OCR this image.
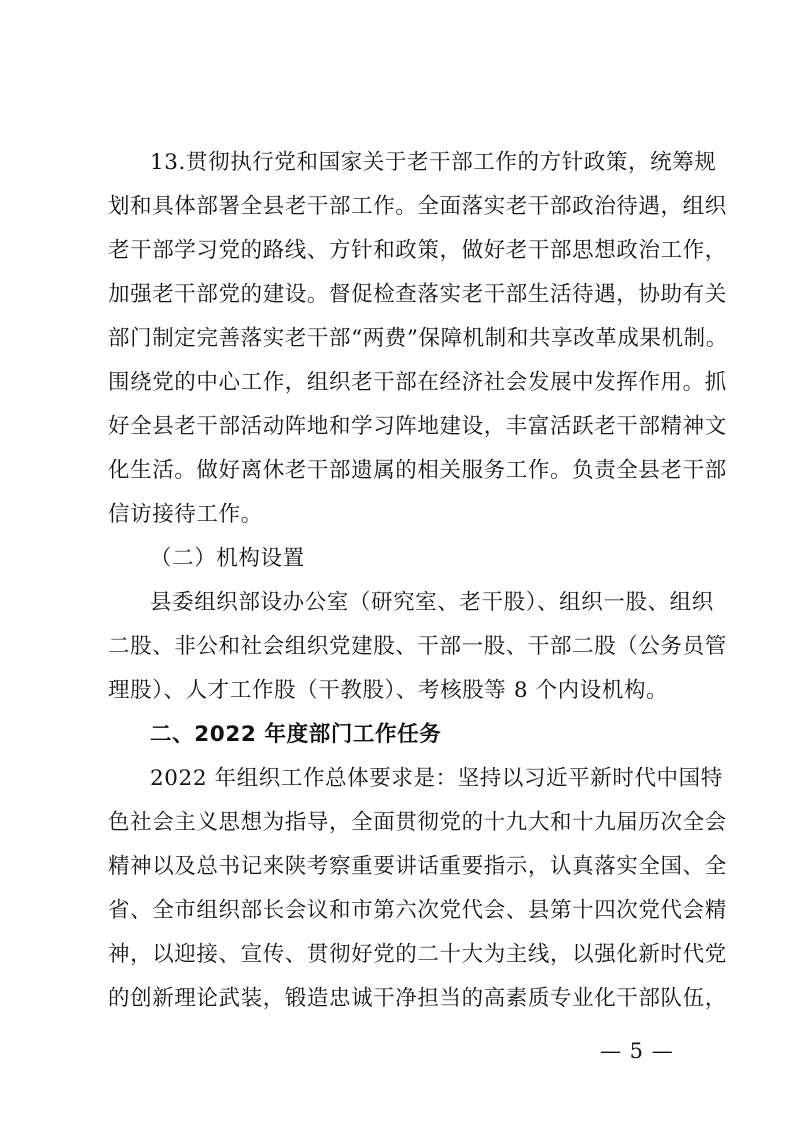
13.贯彻执行党和国家关于老干部工作的方针政策，统筹规
划和具体部署全县老干部工作。全面落实老干部政治待遇，组织
老干部学习党的路线、方针和政策，做好老干部思想政治工作，
加强老干部党的建设。督促检查落实老干部生活待遇，协助有关
部门制定完善落实老干部“两费”保障机制和共享改革成果机制。
围绕党的中心工作，组织老干部在经济社会发展中发挥作用。抓
好全县老干部活动阵地和学习阵地建设，丰富活跃老干部精神文
化生活。做好离休老干部遗属的相关服务工作。负责全县老干部
信访接待工作。
（二）机构设置
县委组织部设办公室（研究室、老干股）、组织一股、组织
二股、非公和社会组织党建股、干部一股、干部二股（公务员管
理股）、人才工作股（干教股）、考核股等 8 个内设机构。
二、2022 年度部门工作任务
2022 年组织工作总体要求是：坚持以习近平新时代中国特
色社会主义思想为指导，全面贯彻党的十九大和十九届历次全会
精神以及总书记来陕考察重要讲话重要指示，认真落实全国、全
省、全市组织部长会议和市第六次党代会、县第十四次党代会精
神，以迎接、宣传、贯彻好党的二十大为主线，以强化新时代党
的创新理论武装，锻造忠诚干净担当的高素质专业化干部队伍，
— 5 —
